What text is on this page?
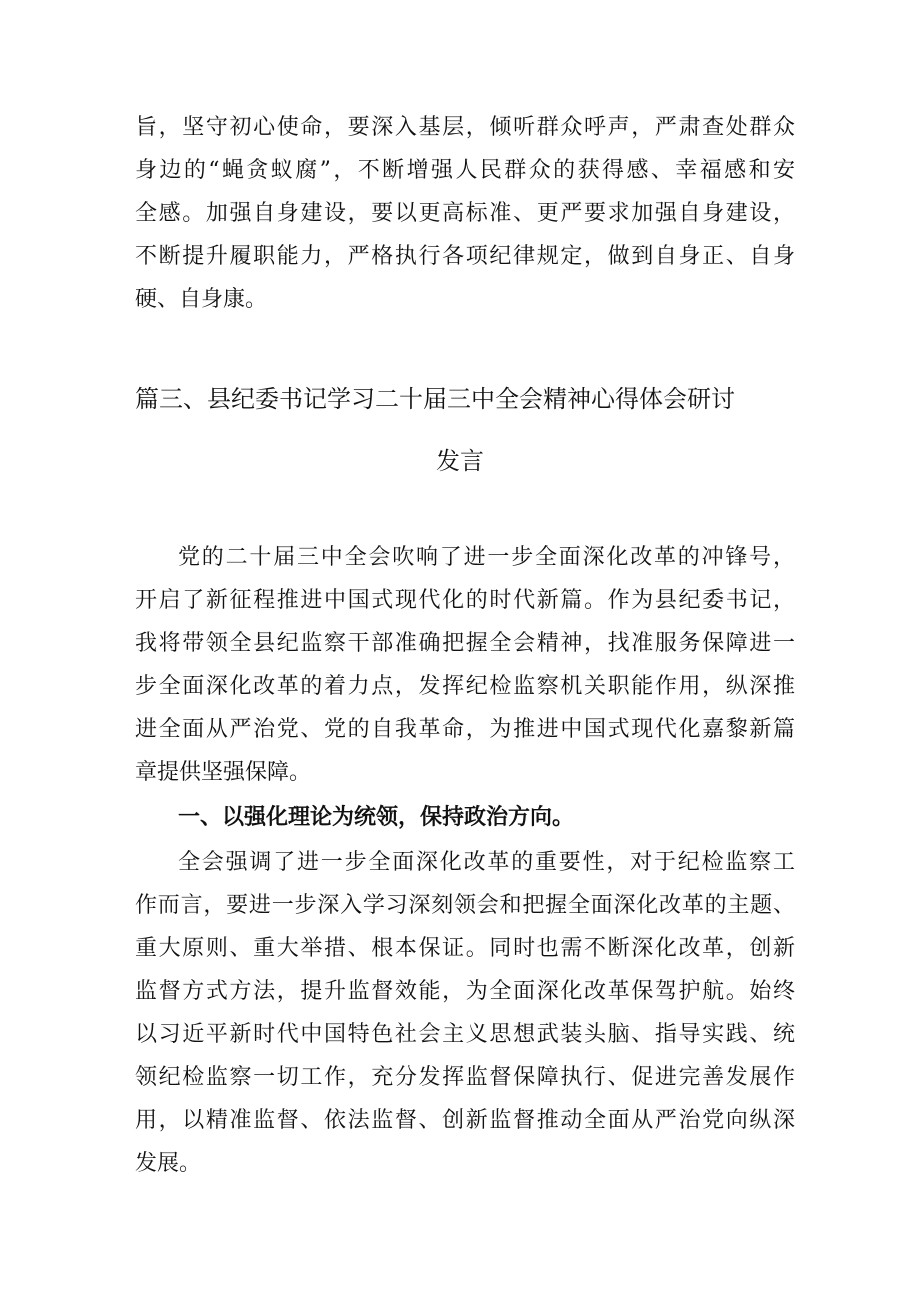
旨，坚守初心使命，要深入基层，倾听群众呼声，严肃查处群众
身边的“蝇贪蚁腐”，不断增强人民群众的获得感、幸福感和安
全感。加强自身建设，要以更高标准、更严要求加强自身建设，
不断提升履职能力，严格执行各项纪律规定，做到自身正、自身
硬、自身康。
篇三、县纪委书记学习二十届三中全会精神心得体会研讨
发言
党的二十届三中全会吹响了进一步全面深化改革的冲锋号，
开启了新征程推进中国式现代化的时代新篇。作为县纪委书记，
我将带领全县纪监察干部准确把握全会精神，找准服务保障进一
步全面深化改革的着力点，发挥纪检监察机关职能作用，纵深推
进全面从严治党、党的自我革命，为推进中国式现代化嘉黎新篇
章提供坚强保障。
一、以强化理论为统领，保持政治方向。
全会强调了进一步全面深化改革的重要性，对于纪检监察工
作而言，要进一步深入学习深刻领会和把握全面深化改革的主题、
重大原则、重大举措、根本保证。同时也需不断深化改革，创新
监督方式方法，提升监督效能，为全面深化改革保驾护航。始终
以习近平新时代中国特色社会主义思想武装头脑、指导实践、统
领纪检监察一切工作，充分发挥监督保障执行、促进完善发展作
用，以精准监督、依法监督、创新监督推动全面从严治党向纵深
发展。
